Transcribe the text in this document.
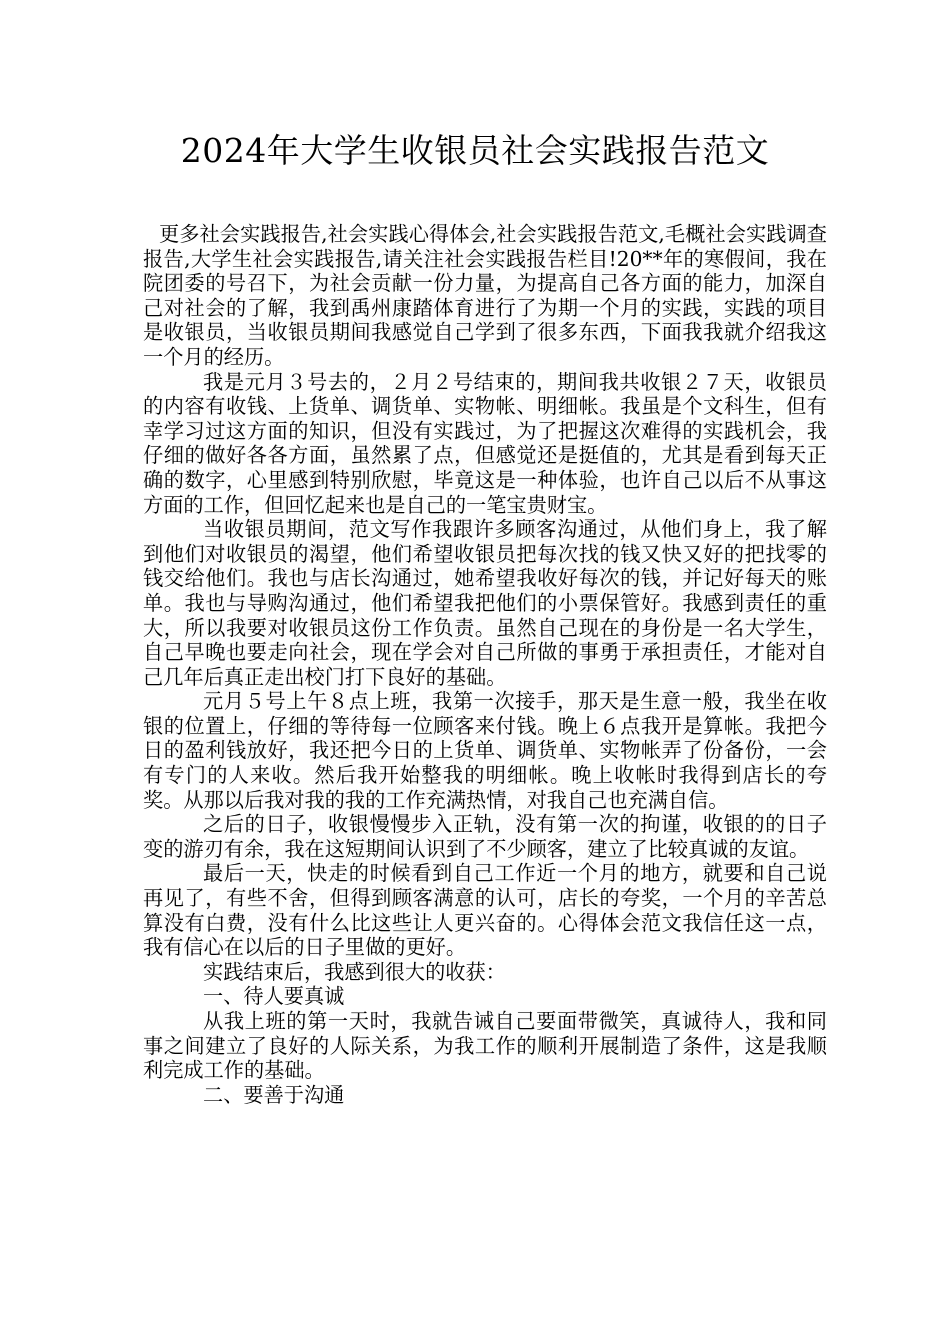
2024年大学生收银员社会实践报告范文

更多社会实践报告,社会实践心得体会,社会实践报告范文,毛概社会实践调查报告,大学生社会实践报告,请关注社会实践报告栏目!20**年的寒假间，我在院团委的号召下，为社会贡献一份力量，为提高自己各方面的能力，加深自己对社会的了解，我到禹州康踏体育进行了为期一个月的实践，实践的项目是收银员，当收银员期间我感觉自己学到了很多东西，下面我我就介绍我这一个月的经历。

我是元月３号去的，２月２号结束的，期间我共收银２７天，收银员的内容有收钱、上货单、调货单、实物帐、明细帐。我虽是个文科生，但有幸学习过这方面的知识，但没有实践过，为了把握这次难得的实践机会，我仔细的做好各各方面，虽然累了点，但感觉还是挺值的，尤其是看到每天正确的数字，心里感到特别欣慰，毕竟这是一种体验，也许自己以后不从事这方面的工作，但回忆起来也是自己的一笔宝贵财宝。

当收银员期间，范文写作我跟许多顾客沟通过，从他们身上，我了解到他们对收银员的渴望，他们希望收银员把每次找的钱又快又好的把找零的钱交给他们。我也与店长沟通过，她希望我收好每次的钱，并记好每天的账单。我也与导购沟通过，他们希望我把他们的小票保管好。我感到责任的重大，所以我要对收银员这份工作负责。虽然自己现在的身份是一名大学生，自己早晚也要走向社会，现在学会对自己所做的事勇于承担责任，才能对自己几年后真正走出校门打下良好的基础。

元月５号上午８点上班，我第一次接手，那天是生意一般，我坐在收银的位置上，仔细的等待每一位顾客来付钱。晚上６点我开是算帐。我把今日的盈利钱放好，我还把今日的上货单、调货单、实物帐弄了份备份，一会有专门的人来收。然后我开始整我的明细帐。晚上收帐时我得到店长的夸奖。从那以后我对我的我的工作充满热情，对我自己也充满自信。

之后的日子，收银慢慢步入正轨，没有第一次的拘谨，收银的的日子变的游刃有余，我在这短期间认识到了不少顾客，建立了比较真诚的友谊。

最后一天，快走的时候看到自己工作近一个月的地方，就要和自己说再见了，有些不舍，但得到顾客满意的认可，店长的夸奖，一个月的辛苦总算没有白费，没有什么比这些让人更兴奋的。心得体会范文我信任这一点，我有信心在以后的日子里做的更好。

实践结束后，我感到很大的收获：

一、待人要真诚

从我上班的第一天时，我就告诫自己要面带微笑，真诚待人，我和同事之间建立了良好的人际关系，为我工作的顺利开展制造了条件，这是我顺利完成工作的基础。

二、要善于沟通
